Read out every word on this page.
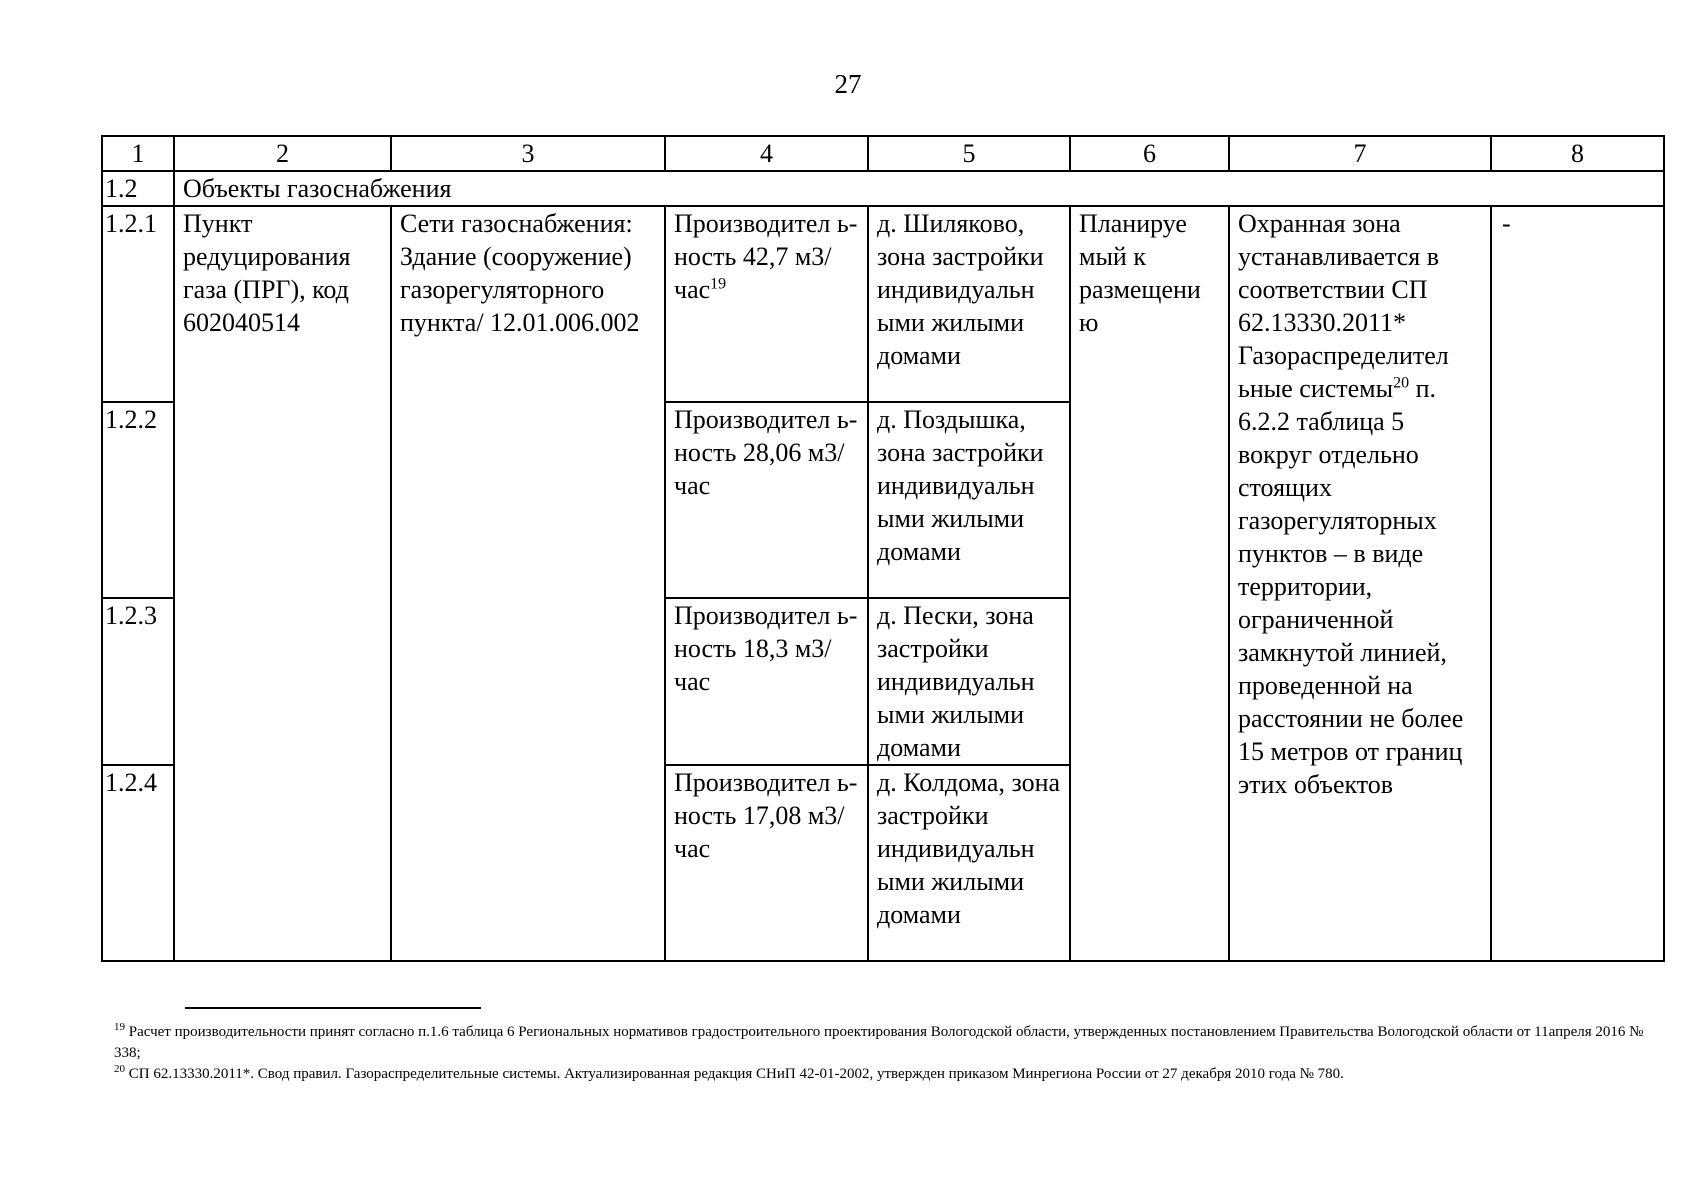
27
1	2	3	4	5	6	7	8
1.2	Объекты газоснабжения						
1.2.1	Пункт редуцирования газа (ПРГ), код 602040514	Сети газоснабжения: Здание (сооружение) газорегуляторного пункта/ 12.01.006.002	Производител ь-ность 42,7 м3/час$^{19}$	д. Шиляково, зона застройки индивидуальн ыми жилыми домами	Планируе мый к размещени ю	Охранная зона устанавливается в соответствии СП 62.13330.2011* Газораспределител ьные системы$^{20}$ п. 6.2.2 таблица 5 вокруг отдельно стоящих газорегуляторных пунктов – в виде территории, ограниченной замкнутой линией, проведенной на расстоянии не более 15 метров от границ этих объектов	-
1.2.2			Производител ь-ность 28,06 м3/час	д. Поздышка, зона застройки индивидуальн ыми жилыми домами			
1.2.3			Производител ь-ность 18,3 м3/час	д. Пески, зона застройки индивидуальн ыми жилыми домами			
1.2.4			Производител ь-ность 17,08 м3/час	д. Колдома, зона застройки индивидуальн ыми жилыми домами			

$^{19}$ Расчет производительности принят согласно п.1.6 таблица 6 Региональных нормативов градостроительного проектирования Вологодской области, утвержденных постановлением Правительства Вологодской области от 11апреля 2016 № 338;

$^{20}$ СП 62.13330.2011*. Свод правил. Газораспределительные системы. Актуализированная редакция СНиП 42-01-2002, утвержден приказом Минрегиона России от 27 декабря 2010 года № 780.
